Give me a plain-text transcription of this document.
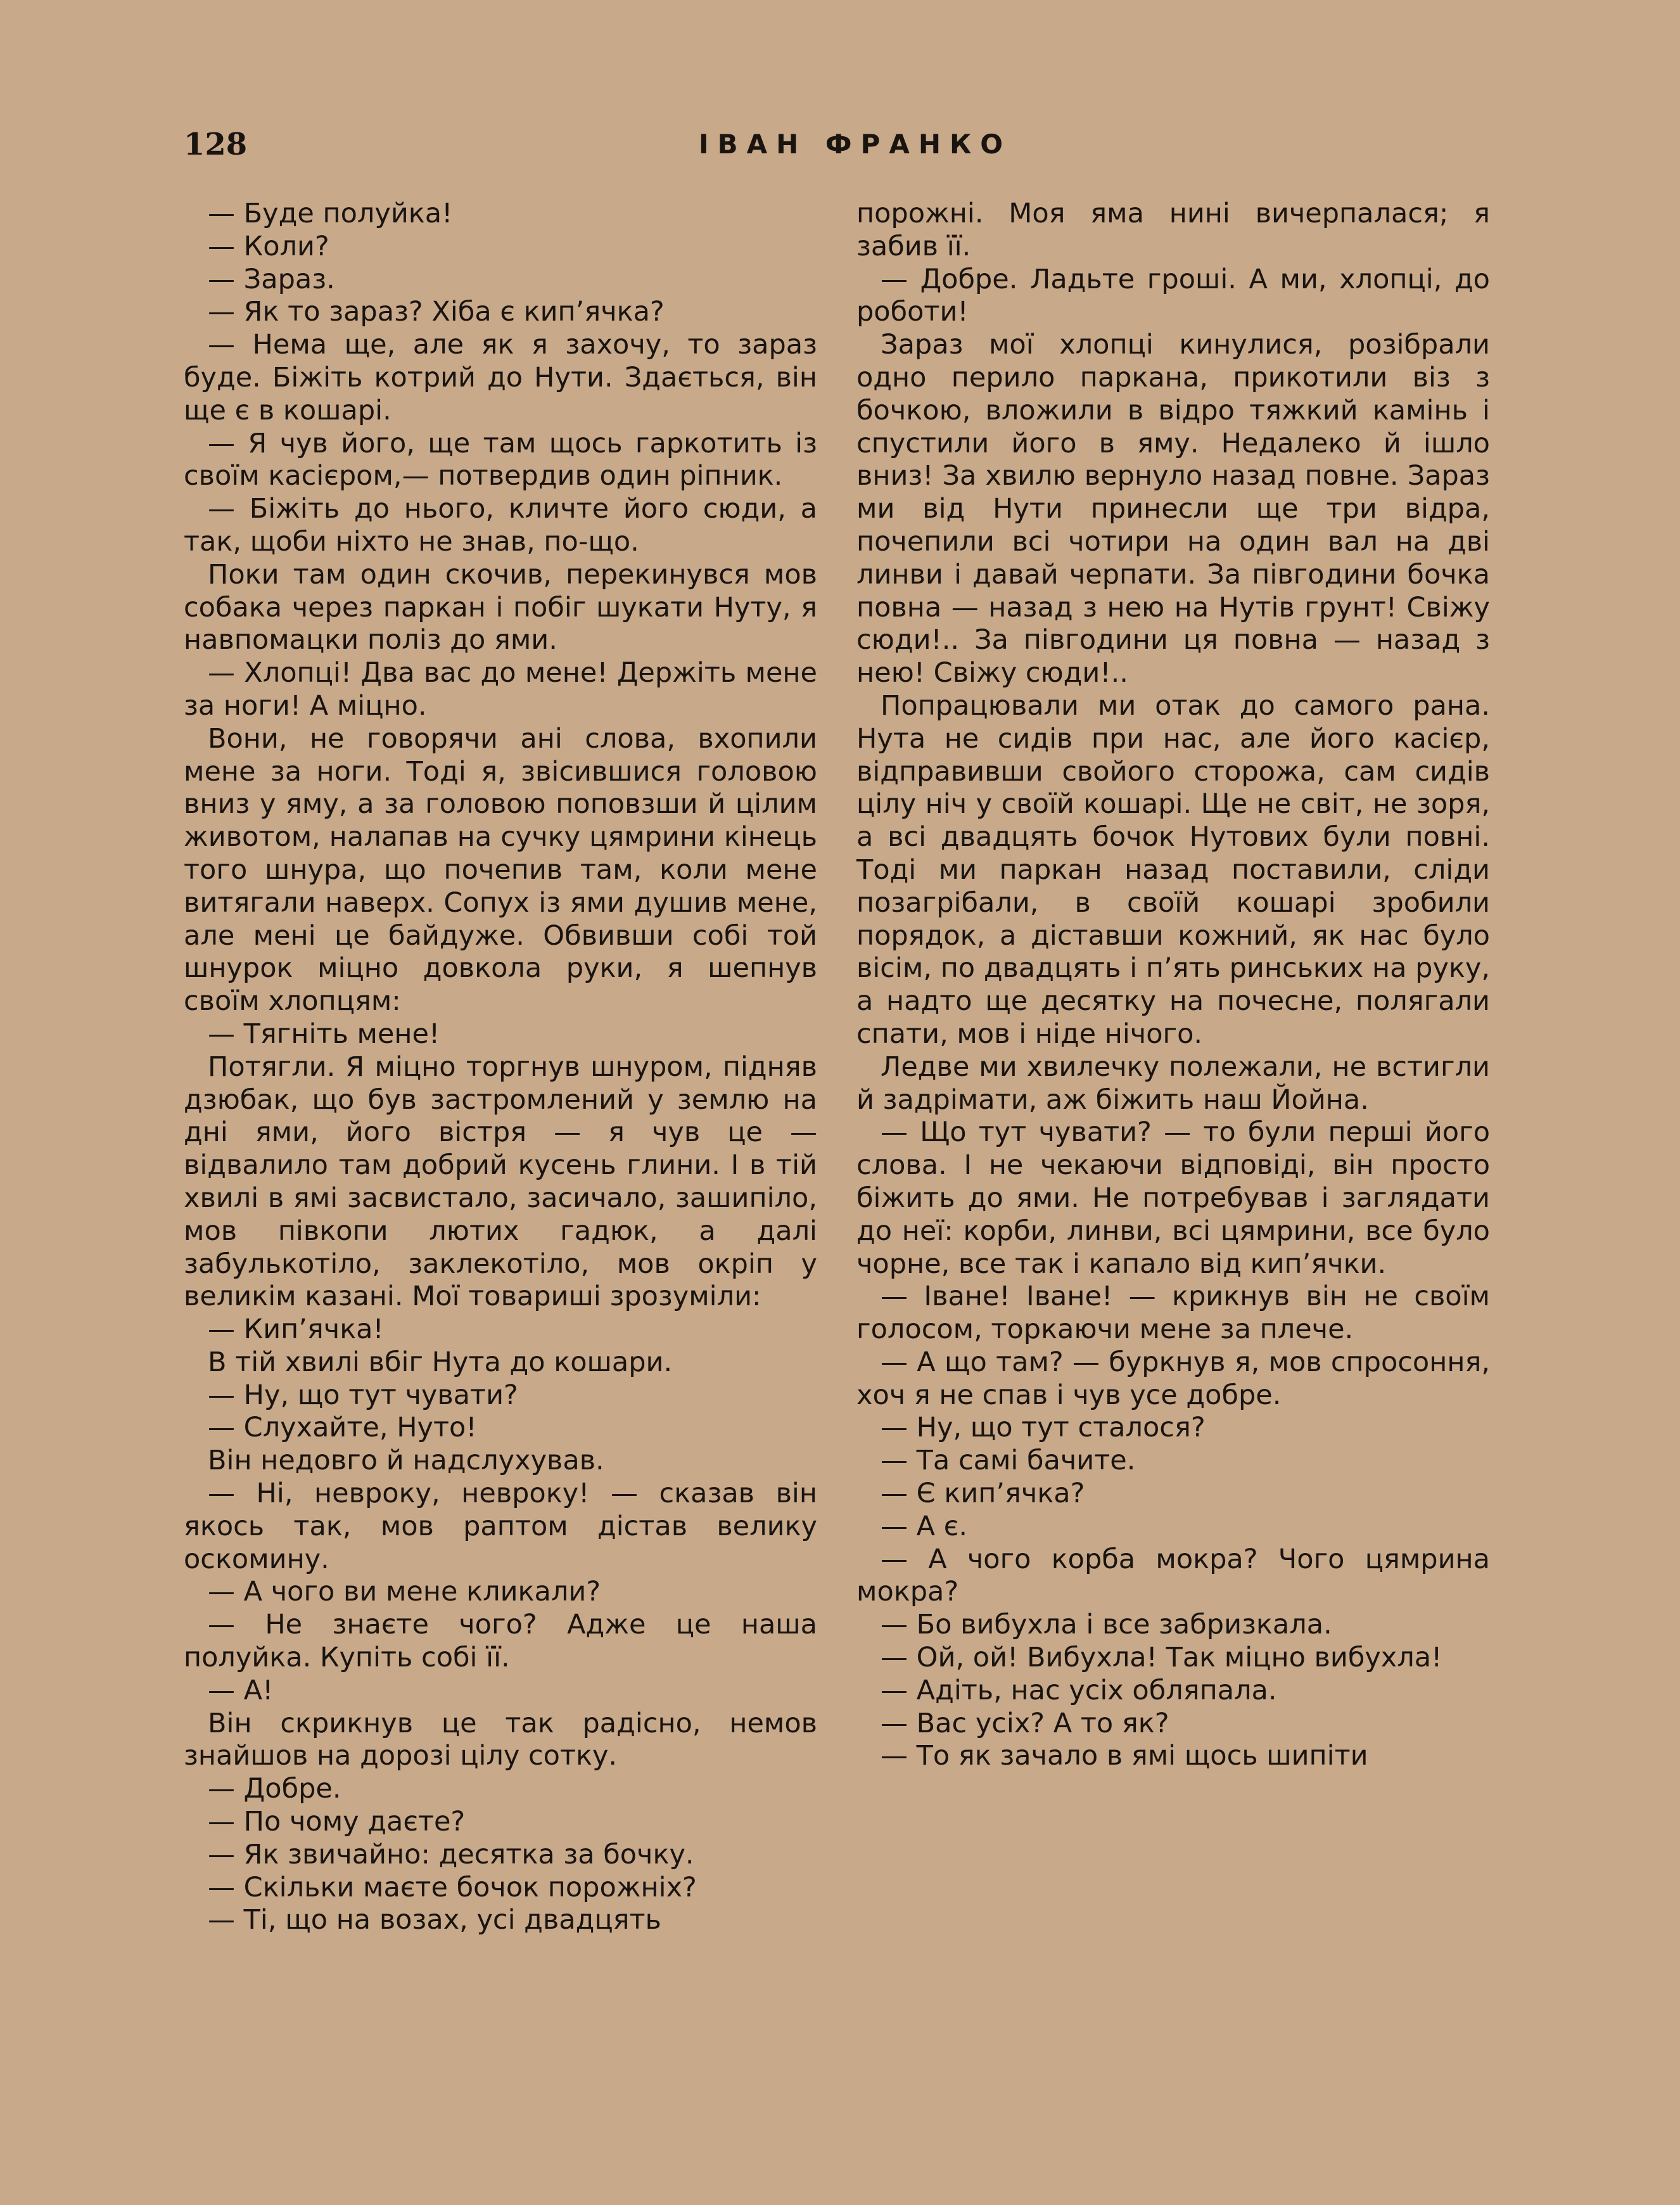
128	ІВАН ФРАНКО

— Буде полуйка!

— Коли?

— Зараз.

— Як то зараз? Хіба є кип’ячка?

— Нема ще, але як я захочу, то зараз буде. Біжіть котрий до Нути. Здається, він ще є в кошарі.

— Я чув його, ще там щось гаркотить із своїм касієром,— потвердив один ріпник.

— Біжіть до нього, кличте його сюди, а так, щоби ніхто не знав, по-що.

Поки там один скочив, перекинувся мов собака через паркан і побіг шукати Нуту, я навпомацки поліз до ями.

— Хлопці! Два вас до мене! Держіть мене за ноги! А міцно.

Вони, не говорячи ані слова, вхопили мене за ноги. Тоді я, звісившися головою вниз у яму, а за головою поповзши й цілим животом, налапав на сучку цямрини кінець того шнура, що почепив там, коли мене витягали наверх. Сопух із ями душив мене, але мені це байдуже. Обвивши собі той шнурок міцно довкола руки, я шепнув своїм хлопцям:

— Тягніть мене!

Потягли. Я міцно торгнув шнуром, підняв дзюбак, що був застромлений у землю на дні ями, його вістря — я чув це — відвалило там добрий кусень глини. І в тій хвилі в ямі засвистало, засичало, зашипіло, мов півкопи лютих гадюк, а далі забулькотіло, заклекотіло, мов окріп у великім казані. Мої товариші зрозуміли:

— Кип’ячка!

В тій хвилі вбіг Нута до кошари.

— Ну, що тут чувати?

— Слухайте, Нуто!

Він недовго й надслухував.

— Ні, невроку, невроку! — сказав він якось так, мов раптом дістав велику оскомину.

— А чого ви мене кликали?

— Не знаєте чого? Адже це наша полуйка. Купіть собі її.

— А!

Він скрикнув це так радісно, немов знайшов на дорозі цілу сотку.

— Добре.

— По чому даєте?

— Як звичайно: десятка за бочку.

— Скільки маєте бочок порожніх?

— Ті, що на возах, усі двадцять

порожні. Моя яма нині вичерпалася; я забив її.

— Добре. Ладьте гроші. А ми, хлопці, до роботи!

Зараз мої хлопці кинулися, розібрали одно перило паркана, прикотили віз з бочкою, вложили в відро тяжкий камінь і спустили його в яму. Недалеко й ішло вниз! За хвилю вернуло назад повне. Зараз ми від Нути принесли ще три відра, почепили всі чотири на один вал на дві линви і давай черпати. За півгодини бочка повна — назад з нею на Нутів грунт! Свіжу сюди!.. За півгодини ця повна — назад з нею! Свіжу сюди!..

Попрацювали ми отак до самого рана. Нута не сидів при нас, але його касієр, відправивши свойого сторожа, сам сидів цілу ніч у своїй кошарі. Ще не світ, не зоря, а всі двадцять бочок Нутових були повні. Тоді ми паркан назад поставили, сліди позагрібали, в своїй кошарі зробили порядок, а діставши кожний, як нас було вісім, по двадцять і п’ять ринських на руку, а надто ще десятку на почесне, полягали спати, мов і ніде нічого.

Ледве ми хвилечку полежали, не встигли й задрімати, аж біжить наш Йойна.

— Що тут чувати? — то були перші його слова. І не чекаючи відповіді, він просто біжить до ями. Не потребував і заглядати до неї: корби, линви, всі цямрини, все було чорне, все так і капало від кип’ячки.

— Іване! Іване! — крикнув він не своїм голосом, торкаючи мене за плече.

— А що там? — буркнув я, мов спросоння, хоч я не спав і чув усе добре.

— Ну, що тут сталося?

— Та самі бачите.

— Є кип’ячка?

— А є.

— А чого корба мокра? Чого цямрина мокра?

— Бо вибухла і все забризкала.

— Ой, ой! Вибухла! Так міцно вибухла!

— Адіть, нас усіх обляпала.

— Вас усіх? А то як?

— То як зачало в ямі щось шипіти
